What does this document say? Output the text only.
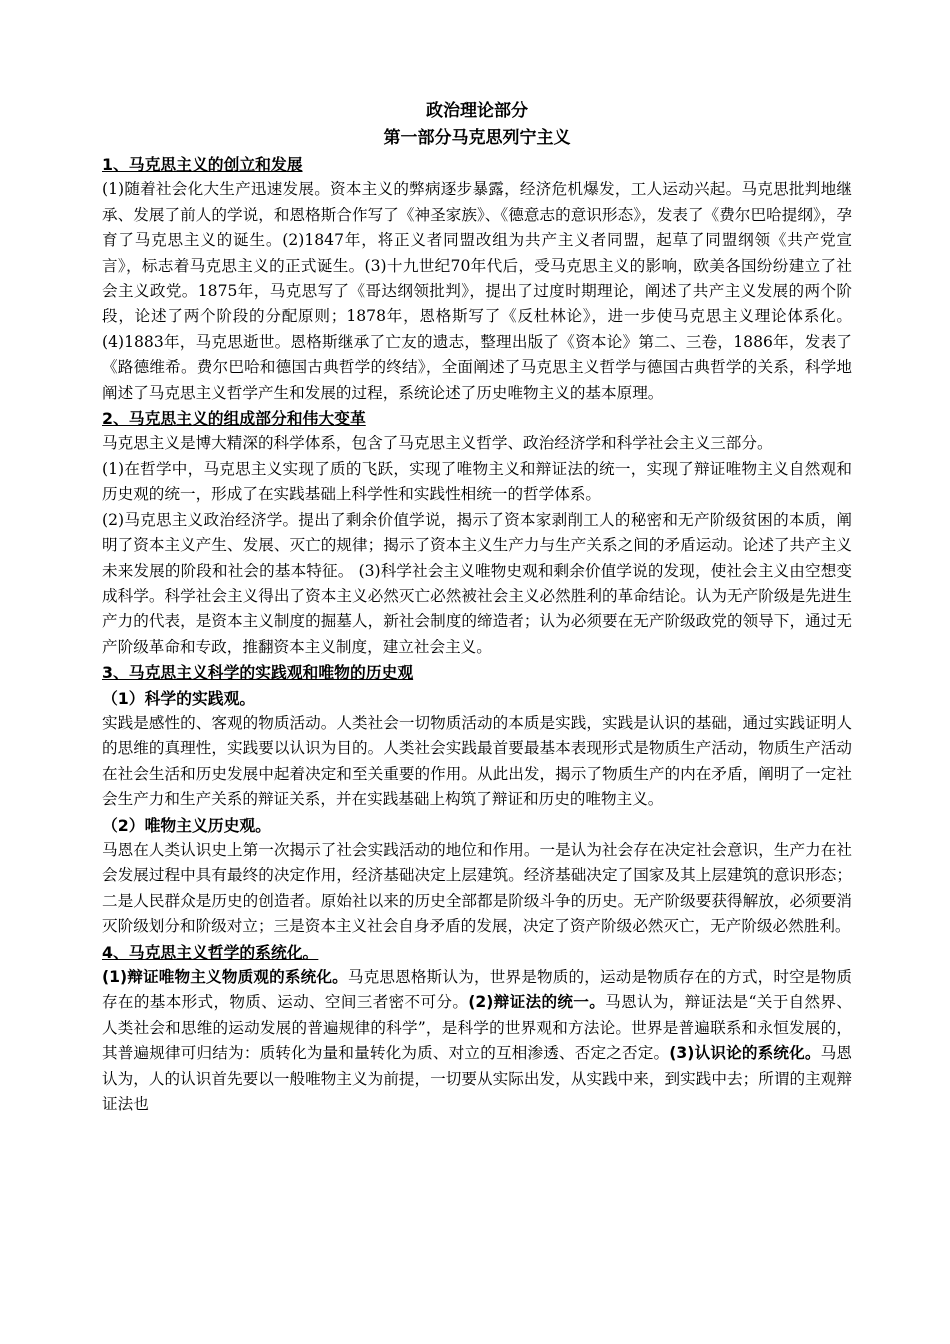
政治理论部分
第一部分马克思列宁主义
1、马克思主义的创立和发展

(1)随着社会化大生产迅速发展。资本主义的弊病逐步暴露，经济危机爆发，工人运动兴起。马克思批判地继承、发展了前人的学说，和恩格斯合作写了《神圣家族》、《德意志的意识形态》，发表了《费尔巴哈提纲》，孕育了马克思主义的诞生。(2)1847年，将正义者同盟改组为共产主义者同盟，起草了同盟纲领《共产党宣言》，标志着马克思主义的正式诞生。(3)十九世纪70年代后，受马克思主义的影响，欧美各国纷纷建立了社会主义政党。1875年，马克思写了《哥达纲领批判》，提出了过度时期理论，阐述了共产主义发展的两个阶段，论述了两个阶段的分配原则；1878年，恩格斯写了《反杜林论》，进一步使马克思主义理论体系化。(4)1883年，马克思逝世。恩格斯继承了亡友的遗志，整理出版了《资本论》第二、三卷，1886年，发表了《路德维希。费尔巴哈和德国古典哲学的终结》，全面阐述了马克思主义哲学与德国古典哲学的关系，科学地阐述了马克思主义哲学产生和发展的过程，系统论述了历史唯物主义的基本原理。

2、马克思主义的组成部分和伟大变革

马克思主义是博大精深的科学体系，包含了马克思主义哲学、政治经济学和科学社会主义三部分。

(1)在哲学中，马克思主义实现了质的飞跃，实现了唯物主义和辩证法的统一，实现了辩证唯物主义自然观和历史观的统一，形成了在实践基础上科学性和实践性相统一的哲学体系。

(2)马克思主义政治经济学。提出了剩余价值学说，揭示了资本家剥削工人的秘密和无产阶级贫困的本质，阐明了资本主义产生、发展、灭亡的规律；揭示了资本主义生产力与生产关系之间的矛盾运动。论述了共产主义未来发展的阶段和社会的基本特征。 (3)科学社会主义唯物史观和剩余价值学说的发现，使社会主义由空想变成科学。科学社会主义得出了资本主义必然灭亡必然被社会主义必然胜利的革命结论。认为无产阶级是先进生产力的代表，是资本主义制度的掘墓人，新社会制度的缔造者；认为必须要在无产阶级政党的领导下，通过无产阶级革命和专政，推翻资本主义制度，建立社会主义。

3、马克思主义科学的实践观和唯物的历史观
（1）科学的实践观。

实践是感性的、客观的物质活动。人类社会一切物质活动的本质是实践，实践是认识的基础，通过实践证明人的思维的真理性，实践要以认识为目的。人类社会实践最首要最基本表现形式是物质生产活动，物质生产活动在社会生活和历史发展中起着决定和至关重要的作用。从此出发，揭示了物质生产的内在矛盾，阐明了一定社会生产力和生产关系的辩证关系，并在实践基础上构筑了辩证和历史的唯物主义。

（2）唯物主义历史观。

马恩在人类认识史上第一次揭示了社会实践活动的地位和作用。一是认为社会存在决定社会意识，生产力在社会发展过程中具有最终的决定作用，经济基础决定上层建筑。经济基础决定了国家及其上层建筑的意识形态；二是人民群众是历史的创造者。原始社以来的历史全部都是阶级斗争的历史。无产阶级要获得解放，必须要消灭阶级划分和阶级对立；三是资本主义社会自身矛盾的发展，决定了资产阶级必然灭亡，无产阶级必然胜利。

4、马克思主义哲学的系统化。

(1)辩证唯物主义物质观的系统化。马克思恩格斯认为，世界是物质的，运动是物质存在的方式，时空是物质存在的基本形式，物质、运动、空间三者密不可分。(2)辩证法的统一。马恩认为，辩证法是“关于自然界、人类社会和思维的运动发展的普遍规律的科学”，是科学的世界观和方法论。世界是普遍联系和永恒发展的，其普遍规律可归结为：质转化为量和量转化为质、对立的互相渗透、否定之否定。(3)认识论的系统化。马恩认为，人的认识首先要以一般唯物主义为前提，一切要从实际出发，从实践中来，到实践中去；所谓的主观辩证法也
